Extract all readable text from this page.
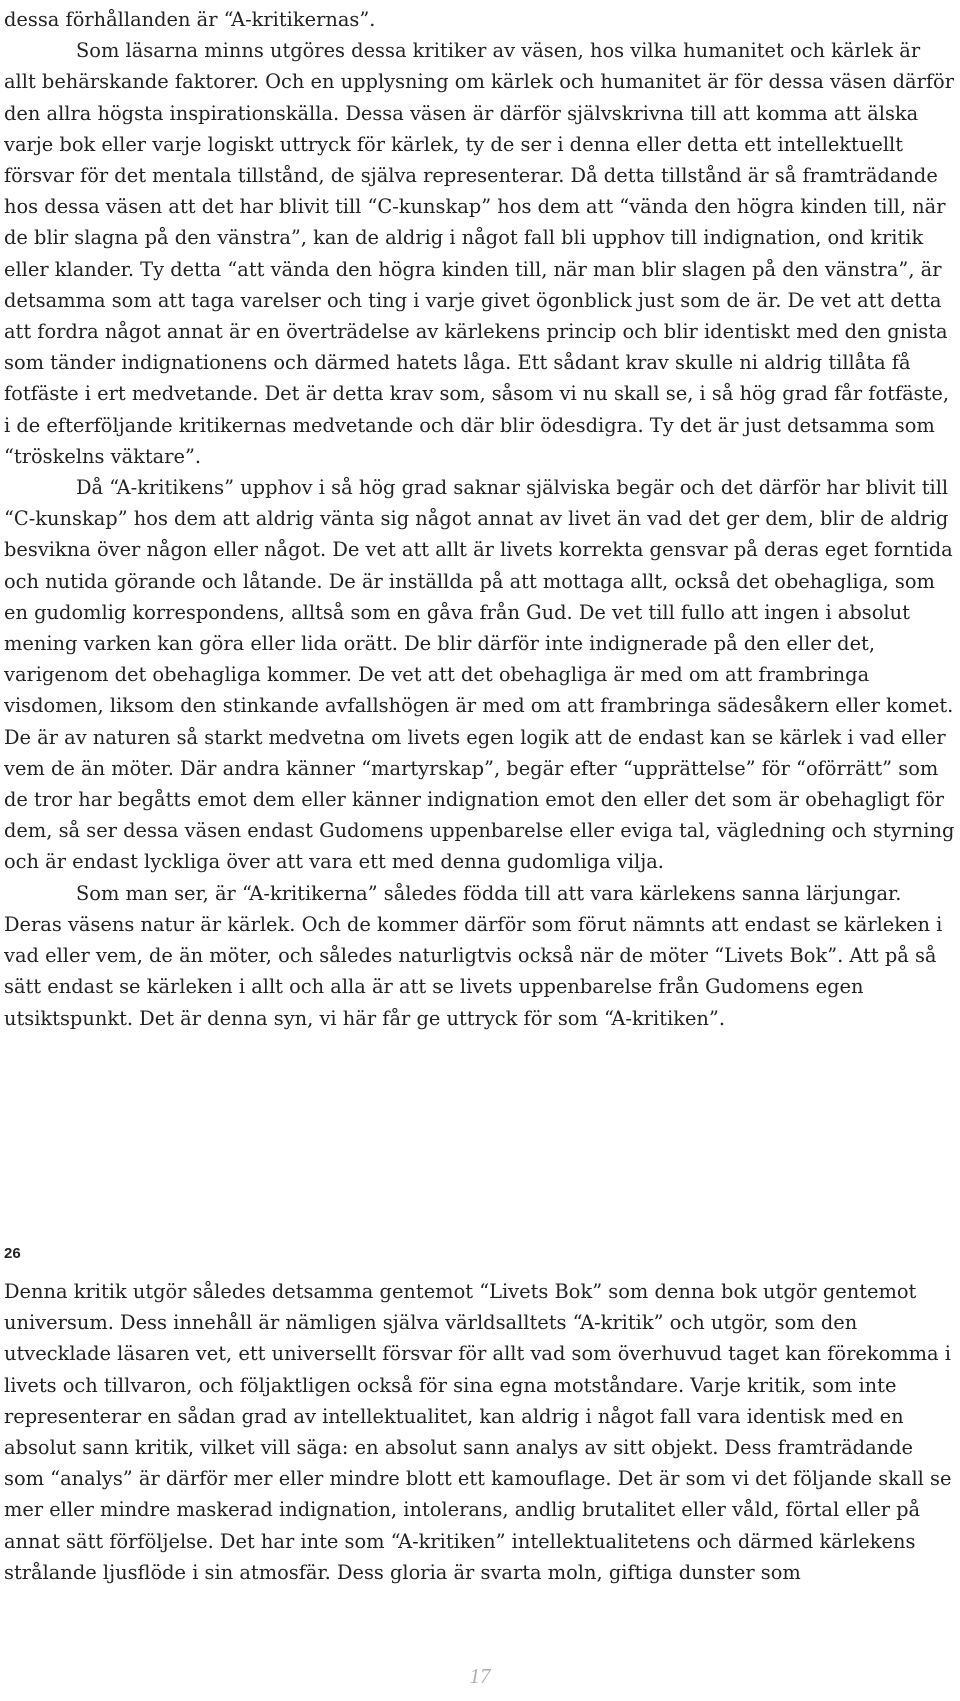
dessa förhållanden är “A-kritikernas”.

Som läsarna minns utgöres dessa kritiker av väsen, hos vilka humanitet och kärlek är allt behärskande faktorer. Och en upplysning om kärlek och humanitet är för dessa väsen därför den allra högsta inspirationskälla. Dessa väsen är därför självskrivna till att komma att älska varje bok eller varje logiskt uttryck för kärlek, ty de ser i denna eller detta ett intellektuellt försvar för det mentala tillstånd, de själva representerar. Då detta tillstånd är så framträdande hos dessa väsen att det har blivit till “C-kunskap” hos dem att “vända den högra kinden till, när de blir slagna på den vänstra”, kan de aldrig i något fall bli upphov till indignation, ond kritik eller klander. Ty detta “att vända den högra kinden till, när man blir slagen på den vänstra”, är detsamma som att taga varelser och ting i varje givet ögonblick just som de är. De vet att detta att fordra något annat är en överträdelse av kärlekens princip och blir identiskt med den gnista som tänder indignationens och därmed hatets låga. Ett sådant krav skulle ni aldrig tillåta få fotfäste i ert medvetande. Det är detta krav som, såsom vi nu skall se, i så hög grad får fotfäste, i de efterföljande kritikernas medvetande och där blir ödesdigra. Ty det är just detsamma som “tröskelns väktare”.

Då “A-kritikens” upphov i så hög grad saknar själviska begär och det därför har blivit till “C-kunskap” hos dem att aldrig vänta sig något annat av livet än vad det ger dem, blir de aldrig besvikna över någon eller något. De vet att allt är livets korrekta gensvar på deras eget forntida och nutida görande och låtande. De är inställda på att mottaga allt, också det obehagliga, som en gudomlig korrespondens, alltså som en gåva från Gud. De vet till fullo att ingen i absolut mening varken kan göra eller lida orätt. De blir därför inte indignerade på den eller det, varigenom det obehagliga kommer. De vet att det obehagliga är med om att frambringa visdomen, liksom den stinkande avfallshögen är med om att frambringa sädesåkern eller komet. De är av naturen så starkt medvetna om livets egen logik att de endast kan se kärlek i vad eller vem de än möter. Där andra känner “martyrskap”, begär efter “upprättelse” för “oförrätt” som de tror har begåtts emot dem eller känner indignation emot den eller det som är obehagligt för dem, så ser dessa väsen endast Gudomens uppenbarelse eller eviga tal, vägledning och styrning och är endast lyckliga över att vara ett med denna gudomliga vilja.

Som man ser, är “A-kritikerna” således födda till att vara kärlekens sanna lärjungar. Deras väsens natur är kärlek. Och de kommer därför som förut nämnts att endast se kärleken i vad eller vem, de än möter, och således naturligtvis också när de möter “Livets Bok”. Att på så sätt endast se kärleken i allt och alla är att se livets uppenbarelse från Gudomens egen utsiktspunkt. Det är denna syn, vi här får ge uttryck för som “A-kritiken”.

26

Denna kritik utgör således detsamma gentemot “Livets Bok” som denna bok utgör gentemot universum. Dess innehåll är nämligen själva världsalltets “A-kritik” och utgör, som den utvecklade läsaren vet, ett universellt försvar för allt vad som överhuvud taget kan förekomma i livets och tillvaron, och följaktligen också för sina egna motståndare. Varje kritik, som inte representerar en sådan grad av intellektualitet, kan aldrig i något fall vara identisk med en absolut sann kritik, vilket vill säga: en absolut sann analys av sitt objekt. Dess framträdande som “analys” är därför mer eller mindre blott ett kamouflage. Det är som vi det följande skall se mer eller mindre maskerad indignation, intolerans, andlig brutalitet eller våld, förtal eller på annat sätt förföljelse. Det har inte som “A-kritiken” intellektualitetens och därmed kärlekens strålande ljusflöde i sin atmosfär. Dess gloria är svarta moln, giftiga dunster som

17
